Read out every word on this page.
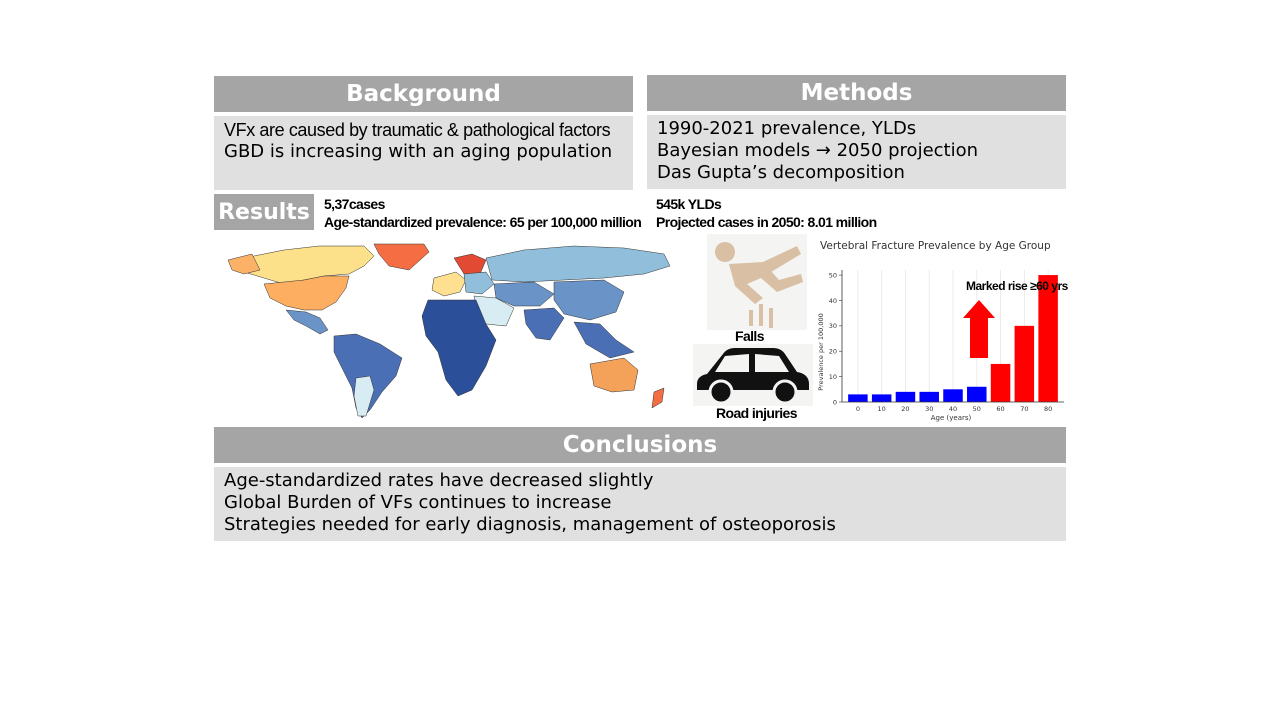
Background
VFx are caused by traumatic & pathological factors
GBD is increasing with an aging population
Methods
1990-2021 prevalence, YLDs
Bayesian models → 2050 projection
Das Gupta’s decomposition
Results 5,37cases
Age-standardized prevalence: 65 per 100,000 million
545k YLDs
Projected cases in 2050: 8.01 million
Falls
Road injuries
Vertebral Fracture Prevalence by Age Group
Prevalence per 100,000
Age (years)
0	10 20 30 40 50 60 70 80
0
10
20
30
40
50
Marked rise ≥60 yrs
Conclusions
Age-standardized rates have decreased slightly
Global Burden of VFs continues to increase
Strategies needed for early diagnosis, management of osteoporosis
